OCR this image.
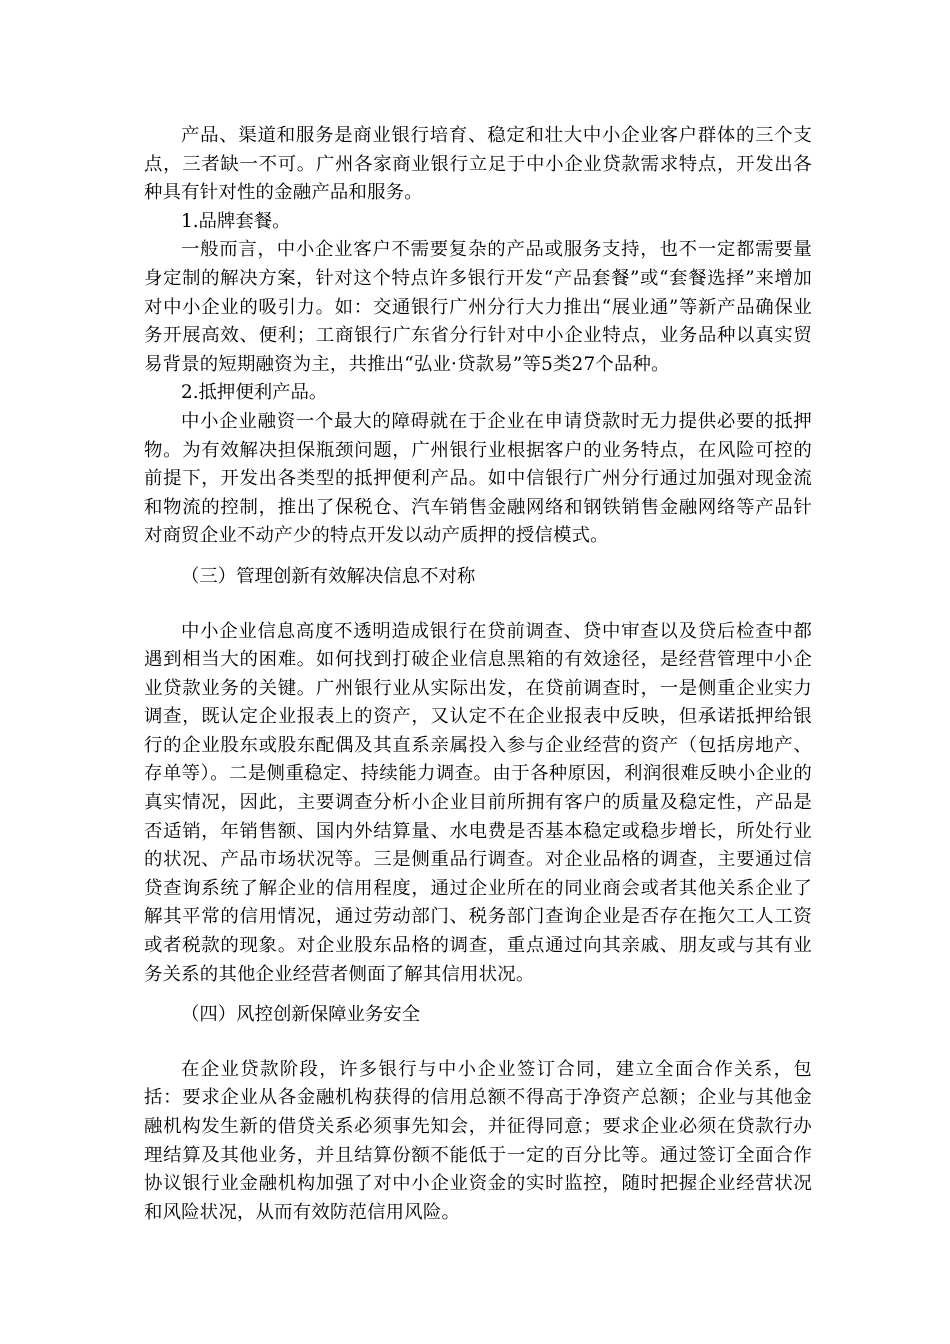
产品、渠道和服务是商业银行培育、稳定和壮大中小企业客户群体的三个支点，三者缺一不可。广州各家商业银行立足于中小企业贷款需求特点，开发出各种具有针对性的金融产品和服务。

1.品牌套餐。

一般而言，中小企业客户不需要复杂的产品或服务支持，也不一定都需要量身定制的解决方案，针对这个特点许多银行开发“产品套餐”或“套餐选择”来增加对中小企业的吸引力。如：交通银行广州分行大力推出“展业通”等新产品确保业务开展高效、便利；工商银行广东省分行针对中小企业特点，业务品种以真实贸易背景的短期融资为主，共推出“弘业·贷款易”等5类27个品种。

2.抵押便利产品。

中小企业融资一个最大的障碍就在于企业在申请贷款时无力提供必要的抵押物。为有效解决担保瓶颈问题，广州银行业根据客户的业务特点，在风险可控的前提下，开发出各类型的抵押便利产品。如中信银行广州分行通过加强对现金流和物流的控制，推出了保税仓、汽车销售金融网络和钢铁销售金融网络等产品针对商贸企业不动产少的特点开发以动产质押的授信模式。

（三）管理创新有效解决信息不对称

中小企业信息高度不透明造成银行在贷前调查、贷中审查以及贷后检查中都遇到相当大的困难。如何找到打破企业信息黑箱的有效途径，是经营管理中小企业贷款业务的关键。广州银行业从实际出发，在贷前调查时，一是侧重企业实力调查，既认定企业报表上的资产，又认定不在企业报表中反映，但承诺抵押给银行的企业股东或股东配偶及其直系亲属投入参与企业经营的资产（包括房地产、存单等）。二是侧重稳定、持续能力调查。由于各种原因，利润很难反映小企业的真实情况，因此，主要调查分析小企业目前所拥有客户的质量及稳定性，产品是否适销，年销售额、国内外结算量、水电费是否基本稳定或稳步增长，所处行业的状况、产品市场状况等。三是侧重品行调查。对企业品格的调查，主要通过信贷查询系统了解企业的信用程度，通过企业所在的同业商会或者其他关系企业了解其平常的信用情况，通过劳动部门、税务部门查询企业是否存在拖欠工人工资或者税款的现象。对企业股东品格的调查，重点通过向其亲戚、朋友或与其有业务关系的其他企业经营者侧面了解其信用状况。

（四）风控创新保障业务安全

在企业贷款阶段，许多银行与中小企业签订合同，建立全面合作关系，包括：要求企业从各金融机构获得的信用总额不得高于净资产总额；企业与其他金融机构发生新的借贷关系必须事先知会，并征得同意；要求企业必须在贷款行办理结算及其他业务，并且结算份额不能低于一定的百分比等。通过签订全面合作协议银行业金融机构加强了对中小企业资金的实时监控，随时把握企业经营状况和风险状况，从而有效防范信用风险。
